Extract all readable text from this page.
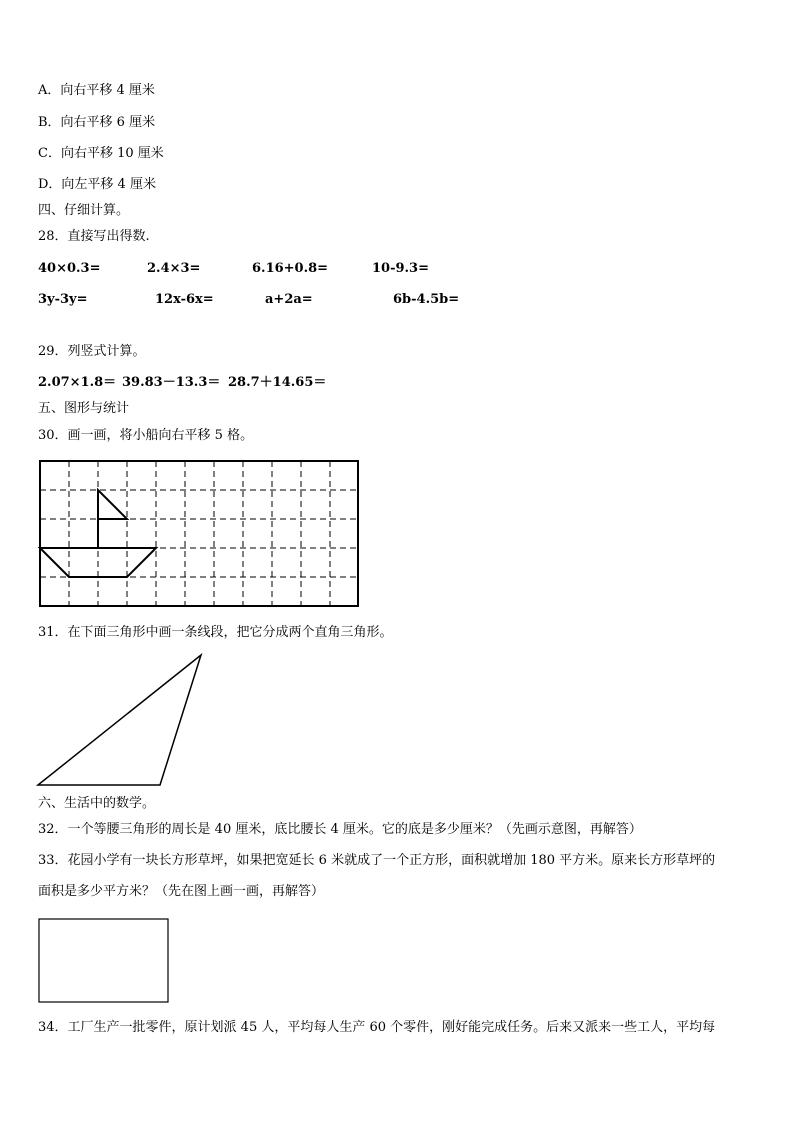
A．向右平移 4 厘米
B．向右平移 6 厘米
C．向右平移 10 厘米
D．向左平移 4 厘米
四、仔细计算。
28．直接写出得数.
40×0.3=	2.4×3=	6.16+0.8=	10-9.3=
3y-3y=	12x-6x=	a+2a=	6b-4.5b=
29．列竖式计算。
2.07×1.8＝ 39.83－13.3＝ 28.7＋14.65＝
五、图形与统计
30．画一画，将小船向右平移 5 格。
31．在下面三角形中画一条线段，把它分成两个直角三角形。
六、生活中的数学。
32．一个等腰三角形的周长是 40 厘米，底比腰长 4 厘米。它的底是多少厘米？（先画示意图，再解答）
33．花园小学有一块长方形草坪，如果把宽延长 6 米就成了一个正方形，面积就增加 180 平方米。原来长方形草坪的
面积是多少平方米？（先在图上画一画，再解答）
34．工厂生产一批零件，原计划派 45 人，平均每人生产 60 个零件，刚好能完成任务。后来又派来一些工人，平均每
